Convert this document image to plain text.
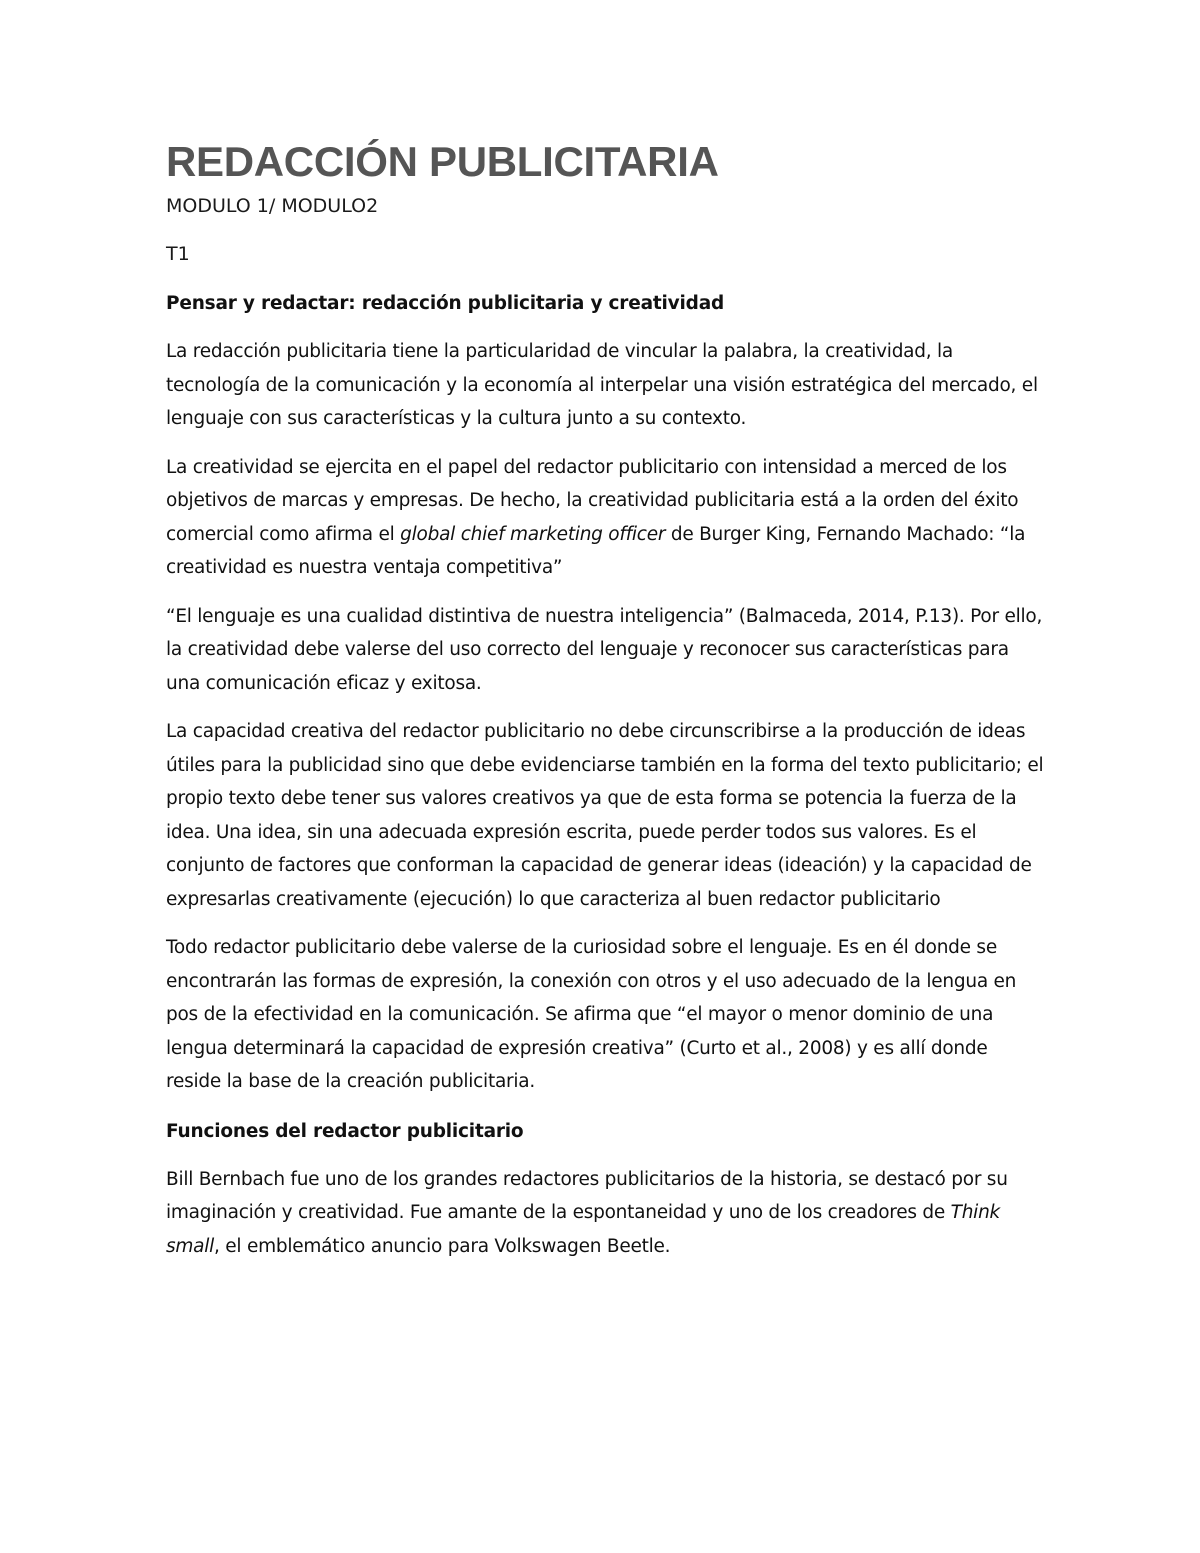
REDACCIÓN PUBLICITARIA

MODULO 1/ MODULO2

T1

Pensar y redactar: redacción publicitaria y creatividad

La redacción publicitaria tiene la particularidad de vincular la palabra, la creatividad, la tecnología de la comunicación y la economía al interpelar una visión estratégica del mercado, el lenguaje con sus características y la cultura junto a su contexto.

La creatividad se ejercita en el papel del redactor publicitario con intensidad a merced de los objetivos de marcas y empresas. De hecho, la creatividad publicitaria está a la orden del éxito comercial como afirma el global chief marketing officer de Burger King, Fernando Machado: “la creatividad es nuestra ventaja competitiva”

“El lenguaje es una cualidad distintiva de nuestra inteligencia” (Balmaceda, 2014, P.13). Por ello, la creatividad debe valerse del uso correcto del lenguaje y reconocer sus características para una comunicación eficaz y exitosa.

La capacidad creativa del redactor publicitario no debe circunscribirse a la producción de ideas útiles para la publicidad sino que debe evidenciarse también en la forma del texto publicitario; el propio texto debe tener sus valores creativos ya que de esta forma se potencia la fuerza de la idea. Una idea, sin una adecuada expresión escrita, puede perder todos sus valores. Es el conjunto de factores que conforman la capacidad de generar ideas (ideación) y la capacidad de expresarlas creativamente (ejecución) lo que caracteriza al buen redactor publicitario

Todo redactor publicitario debe valerse de la curiosidad sobre el lenguaje. Es en él donde se encontrarán las formas de expresión, la conexión con otros y el uso adecuado de la lengua en pos de la efectividad en la comunicación. Se afirma que “el mayor o menor dominio de una lengua determinará la capacidad de expresión creativa” (Curto et al., 2008) y es allí donde reside la base de la creación publicitaria.

Funciones del redactor publicitario

Bill Bernbach fue uno de los grandes redactores publicitarios de la historia, se destacó por su imaginación y creatividad. Fue amante de la espontaneidad y uno de los creadores de Think small, el emblemático anuncio para Volkswagen Beetle.
